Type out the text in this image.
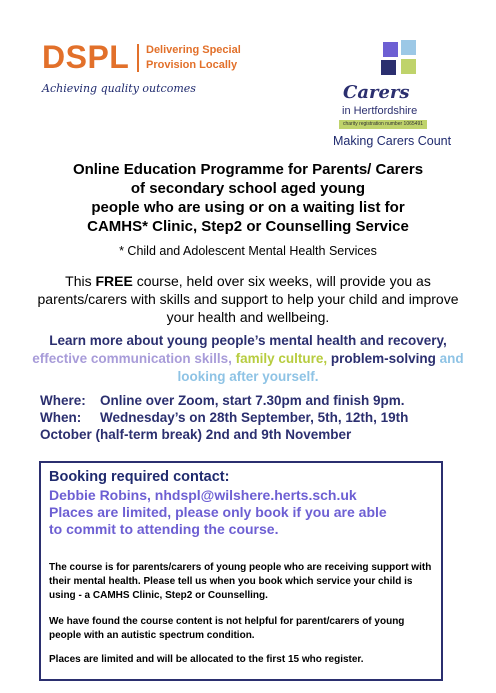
DSPL Delivering Special
Provision Locally
Achieving quality outcomes	Carers
in Hertfordshire
charity registration number 1065491
Making Carers Count
Online Education Programme for Parents/ Carers
of secondary school aged young
people who are using or on a waiting list for
CAMHS* Clinic, Step2 or Counselling Service
* Child and Adolescent Mental Health Services
This FREE course, held over six weeks, will provide you as parents/carers with skills and support to help your child and improve your health and wellbeing.
Learn more about young people’s mental health and recovery, effective communication skills, family culture, problem-solving and looking after yourself.
Where: Online over Zoom, start 7.30pm and finish 9pm.
When: Wednesday’s on 28th September, 5th, 12th, 19th
October (half-term break) 2nd and 9th November
Booking required contact:
Debbie Robins, nhdspl@wilshere.herts.sch.uk
Places are limited, please only book if you are able
to commit to attending the course.
The course is for parents/carers of young people who are receiving support with their mental health. Please tell us when you book which service your child is using - a CAMHS Clinic, Step2 or Counselling.
We have found the course content is not helpful for parent/carers of young people with an autistic spectrum condition.
Places are limited and will be allocated to the first 15 who register.
